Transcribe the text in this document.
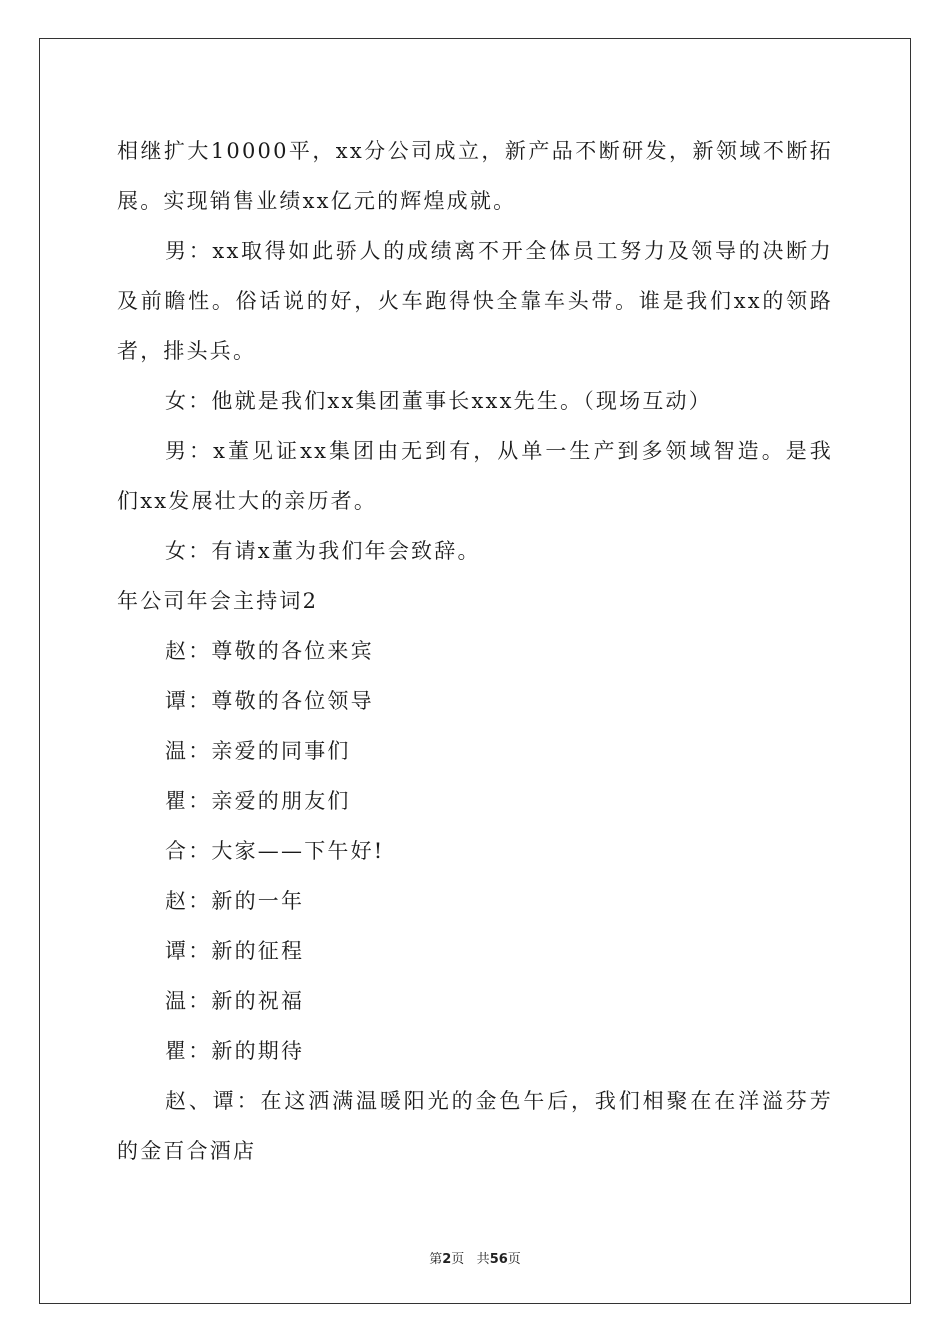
相继扩大10000平，xx分公司成立，新产品不断研发，新领域不断拓展。实现销售业绩xx亿元的辉煌成就。

男：xx取得如此骄人的成绩离不开全体员工努力及领导的决断力及前瞻性。俗话说的好，火车跑得快全靠车头带。谁是我们xx的领路者，排头兵。

女：他就是我们xx集团董事长xxx先生。（现场互动）

男：x董见证xx集团由无到有，从单一生产到多领域智造。是我们xx发展壮大的亲历者。

女：有请x董为我们年会致辞。

年公司年会主持词2

赵：尊敬的各位来宾

谭：尊敬的各位领导

温：亲爱的同事们

瞿：亲爱的朋友们

合：大家——下午好!

赵：新的一年

谭：新的征程

温：新的祝福

瞿：新的期待

赵、谭：在这洒满温暖阳光的金色午后，我们相聚在在洋溢芬芳的金百合酒店

第2页 共56页
